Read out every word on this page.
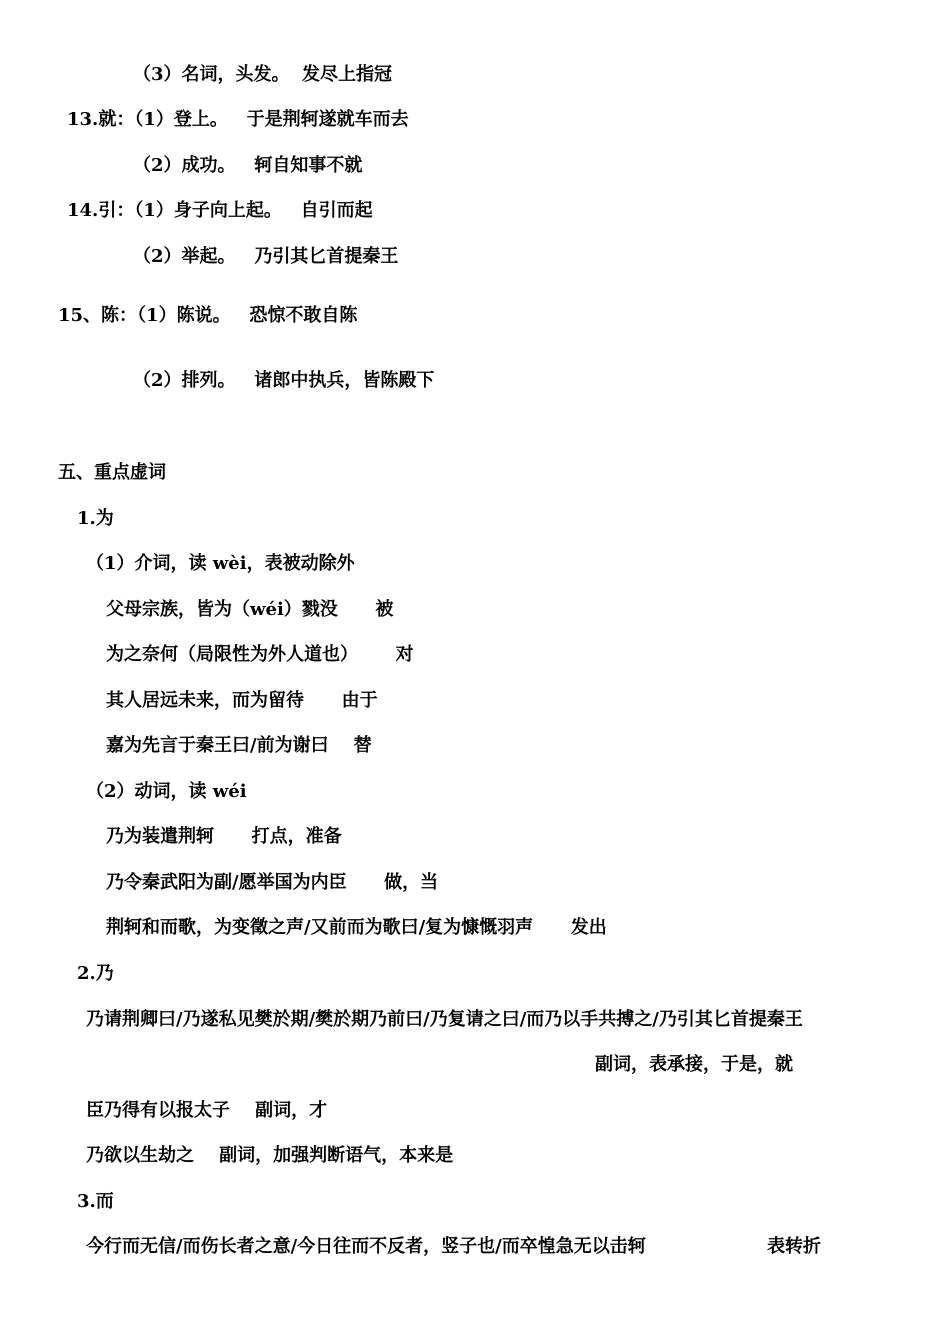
（3）名词，头发。  发尽上指冠
13.就：（1）登上。   于是荆轲遂就车而去
（2）成功。   轲自知事不就
14.引：（1）身子向上起。   自引而起
（2）举起。   乃引其匕首提秦王
15、陈：（1）陈说。   恐惊不敢自陈
（2）排列。   诸郎中执兵，皆陈殿下
五、重点虚词
1.为
（1）介词，读 wèi，表被动除外
父母宗族，皆为（wéi）戮没      被
为之奈何（局限性为外人道也）      对
其人居远未来，而为留待      由于
嘉为先言于秦王曰/前为谢曰    替
（2）动词，读 wéi
乃为装遣荆轲      打点，准备
乃令秦武阳为副/愿举国为内臣      做，当
荆轲和而歌，为变徵之声/又前而为歌曰/复为慷慨羽声      发出
2.乃
乃请荆卿曰/乃遂私见樊於期/樊於期乃前曰/乃复请之曰/而乃以手共搏之/乃引其匕首提秦王
副词，表承接，于是，就
臣乃得有以报太子    副词，才
乃欲以生劫之    副词，加强判断语气，本来是
3.而
今行而无信/而伤长者之意/今日往而不反者，竖子也/而卒惶急无以击轲	表转折
